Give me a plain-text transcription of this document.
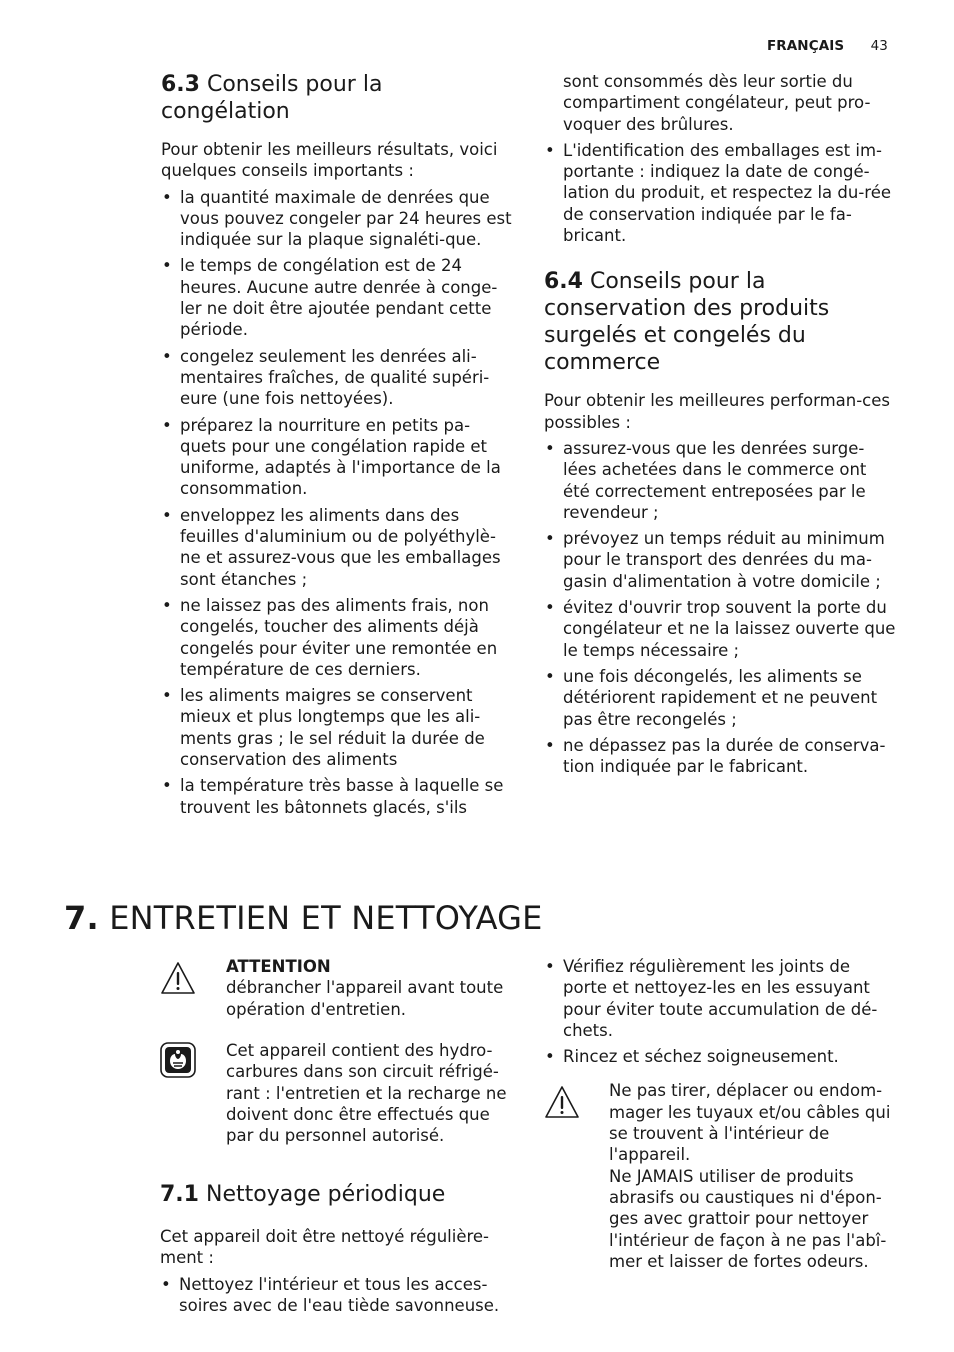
FRANÇAIS 43
6.3 Conseils pour la
congélation

Pour obtenir les meilleurs résultats, voici quelques conseils importants :

• la quantité maximale de denrées que vous pouvez congeler par 24 heures est indiquée sur la plaque signaléti-que.
• le temps de congélation est de 24 heures. Aucune autre denrée à conge-ler ne doit être ajoutée pendant cette période.
• congelez seulement les denrées ali-mentaires fraîches, de qualité supéri-eure (une fois nettoyées).
• préparez la nourriture en petits pa-quets pour une congélation rapide et uniforme, adaptés à l'importance de la consommation.
• enveloppez les aliments dans des feuilles d'aluminium ou de polyéthylè-ne et assurez-vous que les emballages sont étanches ;
• ne laissez pas des aliments frais, non congelés, toucher des aliments déjà congelés pour éviter une remontée en température de ces derniers.
• les aliments maigres se conservent mieux et plus longtemps que les ali-ments gras ; le sel réduit la durée de conservation des aliments
• la température très basse à laquelle se trouvent les bâtonnets glacés, s'ils

sont consommés dès leur sortie du compartiment congélateur, peut pro-voquer des brûlures.

• L'identification des emballages est im-portante : indiquez la date de congé-lation du produit, et respectez la du-rée de conservation indiquée par le fa-bricant.
6.4 Conseils pour la
conservation des produits
surgelés et congelés du
commerce

Pour obtenir les meilleures performan-ces possibles :

• assurez-vous que les denrées surge-lées achetées dans le commerce ont été correctement entreposées par le revendeur ;
• prévoyez un temps réduit au minimum pour le transport des denrées du ma-gasin d'alimentation à votre domicile ;
• évitez d'ouvrir trop souvent la porte du congélateur et ne la laissez ouverte que le temps nécessaire ;
• une fois décongelés, les aliments se détériorent rapidement et ne peuvent pas être recongelés ;
• ne dépassez pas la durée de conserva-tion indiquée par le fabricant.
7. ENTRETIEN ET NETTOYAGE
ATTENTION
débrancher l'appareil avant toute opération d'entretien.
Cet appareil contient des hydro-carbures dans son circuit réfrigé-rant : l'entretien et la recharge ne doivent donc être effectués que par du personnel autorisé.
7.1 Nettoyage périodique

Cet appareil doit être nettoyé régulière-ment :

• Nettoyez l'intérieur et tous les acces-soires avec de l'eau tiède savonneuse.
• Vérifiez régulièrement les joints de porte et nettoyez-les en les essuyant pour éviter toute accumulation de dé-chets.
• Rincez et séchez soigneusement.
Ne pas tirer, déplacer ou endom-mager les tuyaux et/ou câbles qui se trouvent à l'intérieur de l'appareil.
Ne JAMAIS utiliser de produits abrasifs ou caustiques ni d'épon-ges avec grattoir pour nettoyer l'intérieur de façon à ne pas l'abî-mer et laisser de fortes odeurs.
